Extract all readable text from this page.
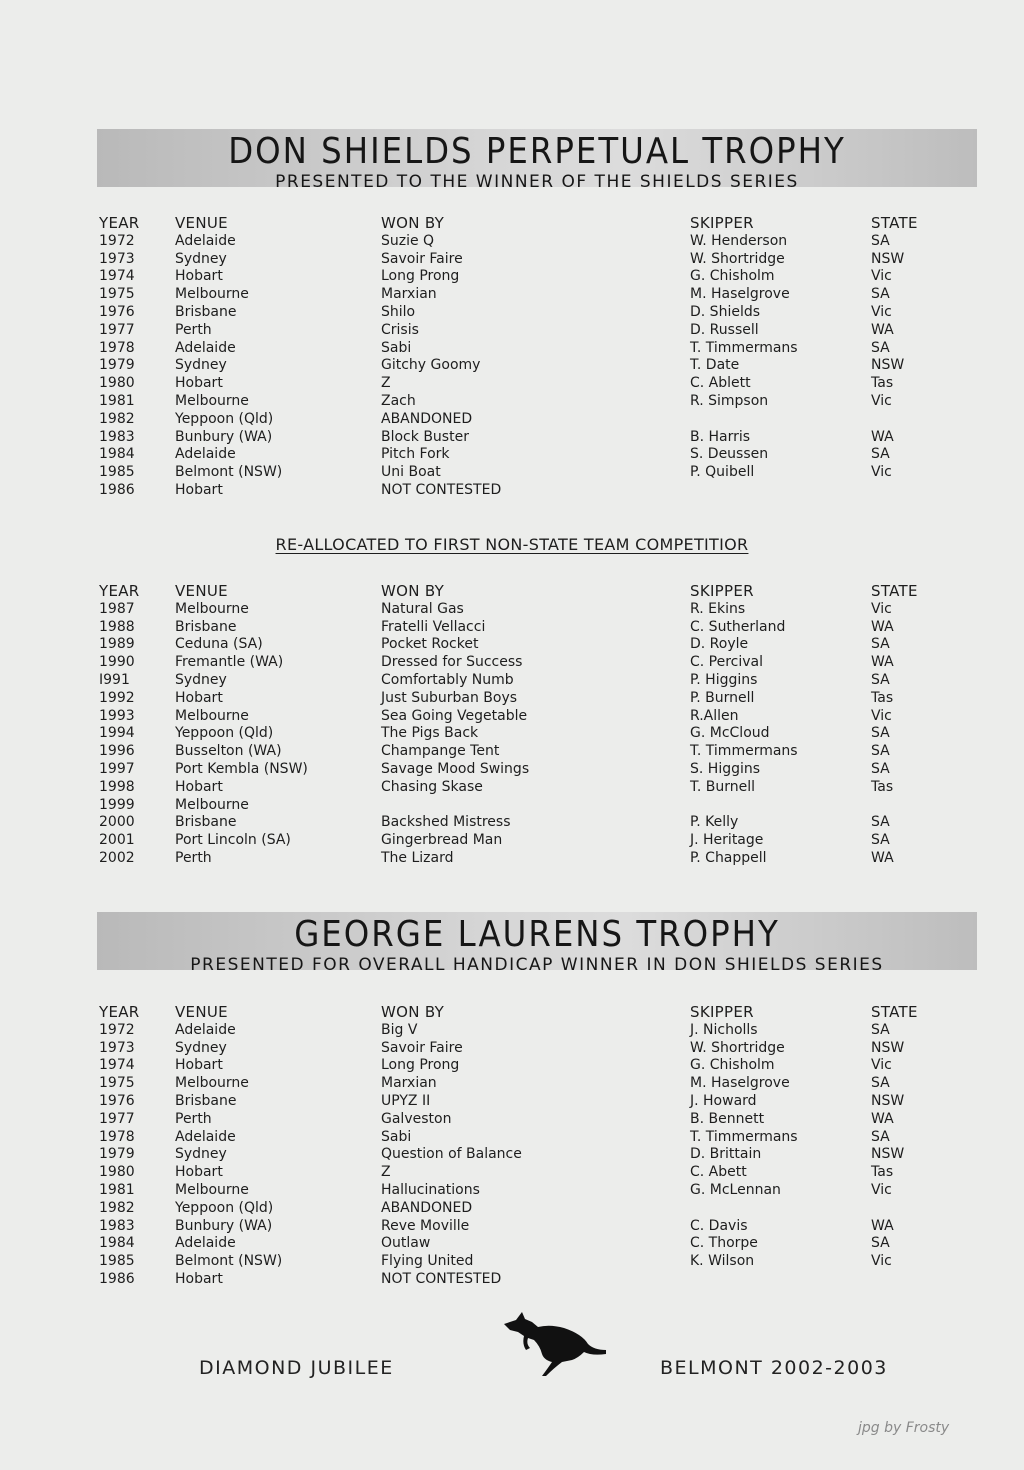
DON SHIELDS PERPETUAL TROPHY
PRESENTED TO THE WINNER OF THE SHIELDS SERIES
YEAR	VENUE	WON BY	SKIPPER	STATE
1972	Adelaide	Suzie Q	W. Henderson	SA
1973	Sydney	Savoir Faire	W. Shortridge	NSW
1974	Hobart	Long Prong	G. Chisholm	Vic
1975	Melbourne	Marxian	M. Haselgrove	SA
1976	Brisbane	Shilo	D. Shields	Vic
1977	Perth	Crisis	D. Russell	WA
1978	Adelaide	Sabi	T. Timmermans	SA
1979	Sydney	Gitchy Goomy	T. Date	NSW
1980	Hobart	Z	C. Ablett	Tas
1981	Melbourne	Zach	R. Simpson	Vic
1982	Yeppoon (Qld)	ABANDONED		
1983	Bunbury (WA)	Block Buster	B. Harris	WA
1984	Adelaide	Pitch Fork	S. Deussen	SA
1985	Belmont (NSW)	Uni Boat	P. Quibell	Vic
1986	Hobart	NOT CONTESTED		
RE-ALLOCATED TO FIRST NON-STATE TEAM COMPETITIOR
YEAR	VENUE	WON BY	SKIPPER	STATE
1987	Melbourne	Natural Gas	R. Ekins	Vic
1988	Brisbane	Fratelli Vellacci	C. Sutherland	WA
1989	Ceduna (SA)	Pocket Rocket	D. Royle	SA
1990	Fremantle (WA)	Dressed for Success	C. Percival	WA
I991	Sydney	Comfortably Numb	P. Higgins	SA
1992	Hobart	Just Suburban Boys	P. Burnell	Tas
1993	Melbourne	Sea Going Vegetable	R.Allen	Vic
1994	Yeppoon (Qld)	The Pigs Back	G. McCloud	SA
1996	Busselton (WA)	Champange Tent	T. Timmermans	SA
1997	Port Kembla (NSW)	Savage Mood Swings	S. Higgins	SA
1998	Hobart	Chasing Skase	T. Burnell	Tas
1999	Melbourne			
2000	Brisbane	Backshed Mistress	P. Kelly	SA
2001	Port Lincoln (SA)	Gingerbread Man	J. Heritage	SA
2002	Perth	The Lizard	P. Chappell	WA
GEORGE LAURENS TROPHY
PRESENTED FOR OVERALL HANDICAP WINNER IN DON SHIELDS SERIES
YEAR	VENUE	WON BY	SKIPPER	STATE
1972	Adelaide	Big V	J. Nicholls	SA
1973	Sydney	Savoir Faire	W. Shortridge	NSW
1974	Hobart	Long Prong	G. Chisholm	Vic
1975	Melbourne	Marxian	M. Haselgrove	SA
1976	Brisbane	UPYZ II	J. Howard	NSW
1977	Perth	Galveston	B. Bennett	WA
1978	Adelaide	Sabi	T. Timmermans	SA
1979	Sydney	Question of Balance	D. Brittain	NSW
1980	Hobart	Z	C. Abett	Tas
1981	Melbourne	Hallucinations	G. McLennan	Vic
1982	Yeppoon (Qld)	ABANDONED		
1983	Bunbury (WA)	Reve Moville	C. Davis	WA
1984	Adelaide	Outlaw	C. Thorpe	SA
1985	Belmont (NSW)	Flying United	K. Wilson	Vic
1986	Hobart	NOT CONTESTED		
DIAMOND JUBILEE	BELMONT 2002-2003
jpg by Frosty
